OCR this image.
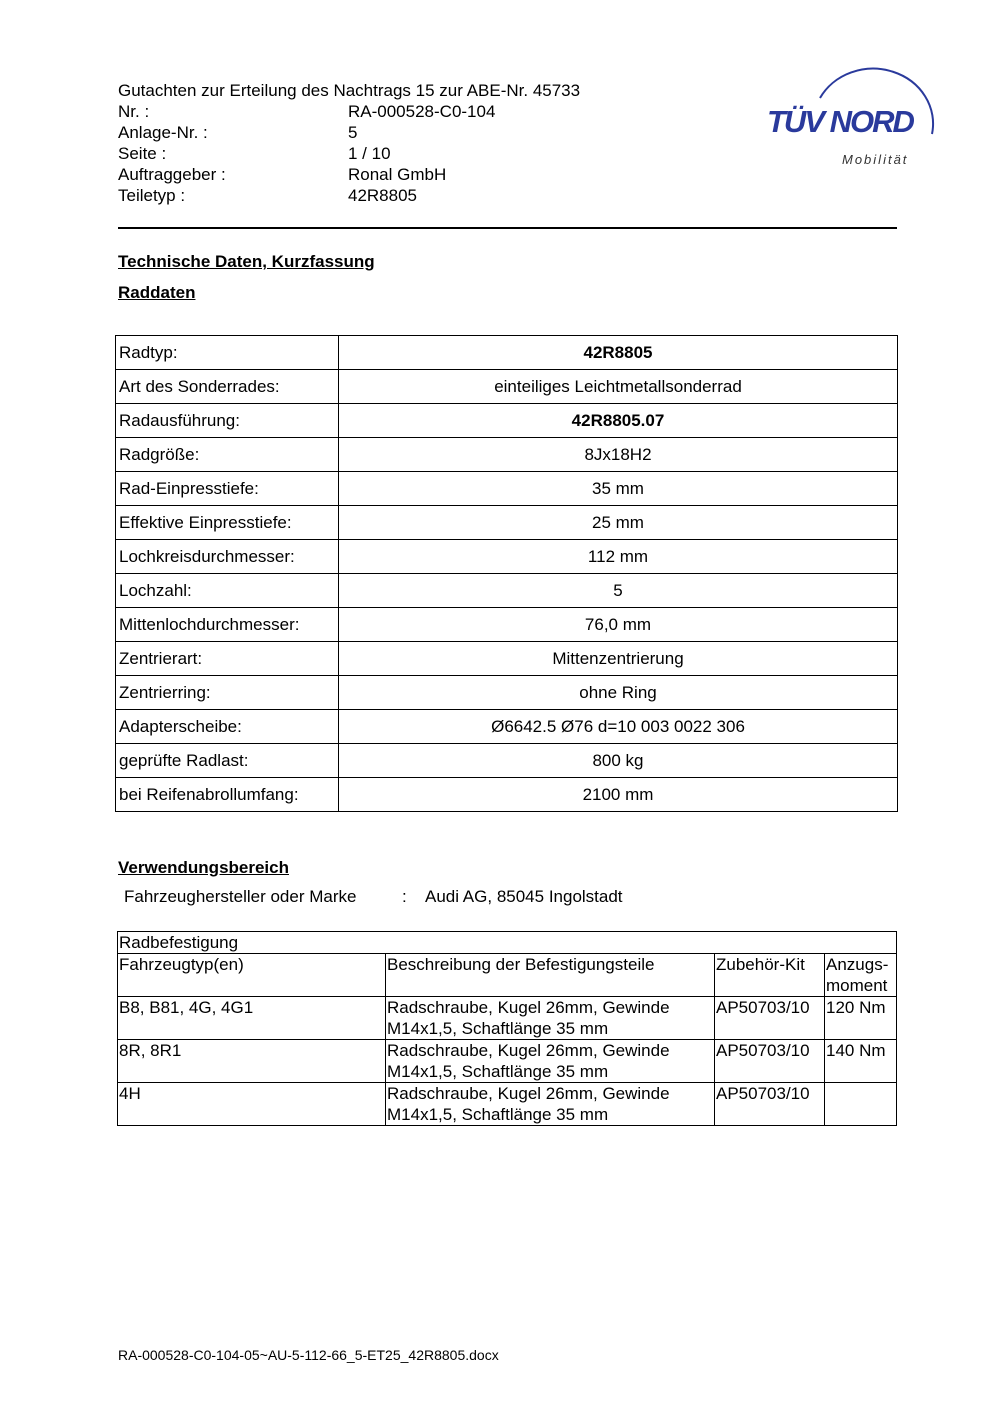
Gutachten zur Erteilung des Nachtrags 15 zur ABE-Nr. 45733
Nr. :	RA-000528-C0-104
Anlage-Nr. :	5
Seite :	1 / 10
Auftraggeber :	Ronal GmbH
Teiletyp :	42R8805
TÜV NORD
Mobilität
Technische Daten, Kurzfassung
Raddaten
Radtyp:	42R8805
Art des Sonderrades:	einteiliges Leichtmetallsonderrad
Radausführung:	42R8805.07
Radgröße:	8Jx18H2
Rad-Einpresstiefe:	35 mm
Effektive Einpresstiefe:	25 mm
Lochkreisdurchmesser:	112 mm
Lochzahl:	5
Mittenlochdurchmesser:	76,0 mm
Zentrierart:	Mittenzentrierung
Zentrierring:	ohne Ring
Adapterscheibe:	Ø6642.5 Ø76 d=10 003 0022 306
geprüfte Radlast:	800 kg
bei Reifenabrollumfang:	2100 mm
Verwendungsbereich
Fahrzeughersteller oder Marke	: Audi AG, 85045 Ingolstadt
Radbefestigung			
Fahrzeugtyp(en)	Beschreibung der Befestigungsteile	Zubehör-Kit	Anzugs-
moment
B8, B81, 4G, 4G1	Radschraube, Kugel 26mm, Gewinde M14x1,5, Schaftlänge 35 mm	AP50703/10	120 Nm
8R, 8R1	Radschraube, Kugel 26mm, Gewinde M14x1,5, Schaftlänge 35 mm	AP50703/10	140 Nm
4H	Radschraube, Kugel 26mm, Gewinde M14x1,5, Schaftlänge 35 mm	AP50703/10	
RA-000528-C0-104-05~AU-5-112-66_5-ET25_42R8805.docx
